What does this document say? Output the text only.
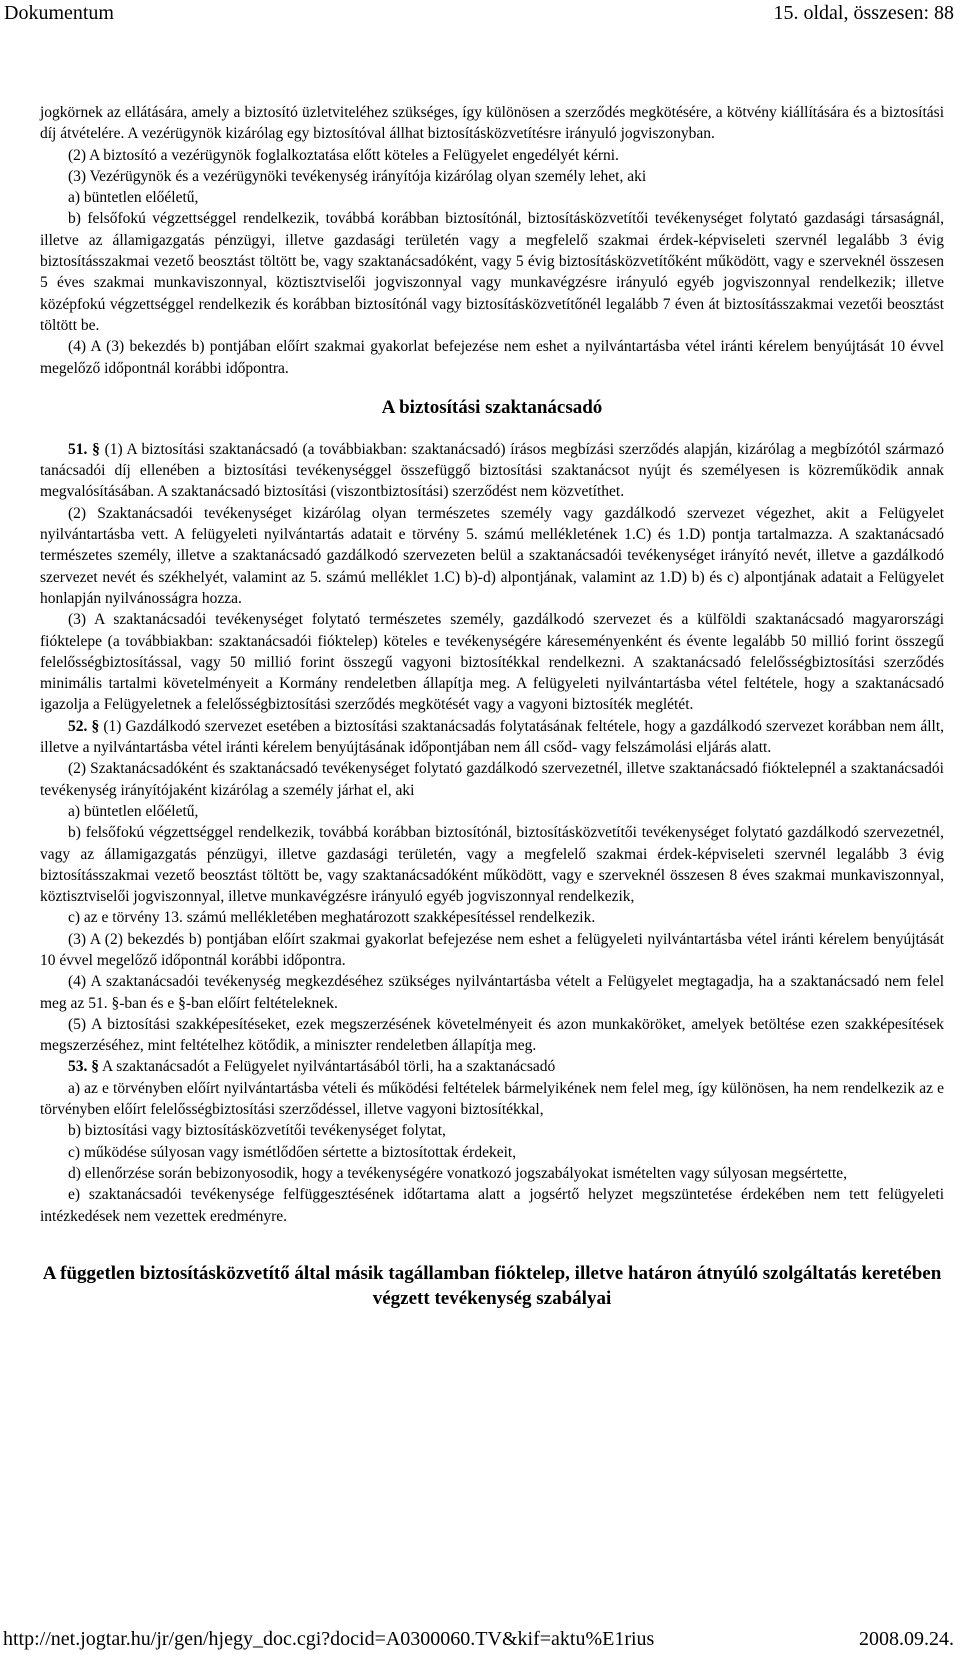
Dokumentum	15. oldal, összesen: 88

jogkörnek az ellátására, amely a biztosító üzletviteléhez szükséges, így különösen a szerződés megkötésére, a kötvény kiállítására és a biztosítási díj átvételére. A vezérügynök kizárólag egy biztosítóval állhat biztosításközvetítésre irányuló jogviszonyban.

(2) A biztosító a vezérügynök foglalkoztatása előtt köteles a Felügyelet engedélyét kérni.

(3) Vezérügynök és a vezérügynöki tevékenység irányítója kizárólag olyan személy lehet, aki

a) büntetlen előéletű,

b) felsőfokú végzettséggel rendelkezik, továbbá korábban biztosítónál, biztosításközvetítői tevékenységet folytató gazdasági társaságnál, illetve az államigazgatás pénzügyi, illetve gazdasági területén vagy a megfelelő szakmai érdek-képviseleti szervnél legalább 3 évig biztosításszakmai vezető beosztást töltött be, vagy szaktanácsadóként, vagy 5 évig biztosításközvetítőként működött, vagy e szerveknél összesen 5 éves szakmai munkaviszonnyal, köztisztviselői jogviszonnyal vagy munkavégzésre irányuló egyéb jogviszonnyal rendelkezik; illetve középfokú végzettséggel rendelkezik és korábban biztosítónál vagy biztosításközvetítőnél legalább 7 éven át biztosításszakmai vezetői beosztást töltött be.

(4) A (3) bekezdés b) pontjában előírt szakmai gyakorlat befejezése nem eshet a nyilvántartásba vétel iránti kérelem benyújtását 10 évvel megelőző időpontnál korábbi időpontra.

A biztosítási szaktanácsadó

51. § (1) A biztosítási szaktanácsadó (a továbbiakban: szaktanácsadó) írásos megbízási szerződés alapján, kizárólag a megbízótól származó tanácsadói díj ellenében a biztosítási tevékenységgel összefüggő biztosítási szaktanácsot nyújt és személyesen is közreműködik annak megvalósításában. A szaktanácsadó biztosítási (viszontbiztosítási) szerződést nem közvetíthet.

(2) Szaktanácsadói tevékenységet kizárólag olyan természetes személy vagy gazdálkodó szervezet végezhet, akit a Felügyelet nyilvántartásba vett. A felügyeleti nyilvántartás adatait e törvény 5. számú mellékletének 1.C) és 1.D) pontja tartalmazza. A szaktanácsadó természetes személy, illetve a szaktanácsadó gazdálkodó szervezeten belül a szaktanácsadói tevékenységet irányító nevét, illetve a gazdálkodó szervezet nevét és székhelyét, valamint az 5. számú melléklet 1.C) b)-d) alpontjának, valamint az 1.D) b) és c) alpontjának adatait a Felügyelet honlapján nyilvánosságra hozza.

(3) A szaktanácsadói tevékenységet folytató természetes személy, gazdálkodó szervezet és a külföldi szaktanácsadó magyarországi fióktelepe (a továbbiakban: szaktanácsadói fióktelep) köteles e tevékenységére káreseményenként és évente legalább 50 millió forint összegű felelősségbiztosítással, vagy 50 millió forint összegű vagyoni biztosítékkal rendelkezni. A szaktanácsadó felelősségbiztosítási szerződés minimális tartalmi követelményeit a Kormány rendeletben állapítja meg. A felügyeleti nyilvántartásba vétel feltétele, hogy a szaktanácsadó igazolja a Felügyeletnek a felelősségbiztosítási szerződés megkötését vagy a vagyoni biztosíték meglétét.

52. § (1) Gazdálkodó szervezet esetében a biztosítási szaktanácsadás folytatásának feltétele, hogy a gazdálkodó szervezet korábban nem állt, illetve a nyilvántartásba vétel iránti kérelem benyújtásának időpontjában nem áll csőd- vagy felszámolási eljárás alatt.

(2) Szaktanácsadóként és szaktanácsadó tevékenységet folytató gazdálkodó szervezetnél, illetve szaktanácsadó fióktelepnél a szaktanácsadói tevékenység irányítójaként kizárólag a személy járhat el, aki

a) büntetlen előéletű,

b) felsőfokú végzettséggel rendelkezik, továbbá korábban biztosítónál, biztosításközvetítői tevékenységet folytató gazdálkodó szervezetnél, vagy az államigazgatás pénzügyi, illetve gazdasági területén, vagy a megfelelő szakmai érdek-képviseleti szervnél legalább 3 évig biztosításszakmai vezető beosztást töltött be, vagy szaktanácsadóként működött, vagy e szerveknél összesen 8 éves szakmai munkaviszonnyal, köztisztviselői jogviszonnyal, illetve munkavégzésre irányuló egyéb jogviszonnyal rendelkezik,

c) az e törvény 13. számú mellékletében meghatározott szakképesítéssel rendelkezik.

(3) A (2) bekezdés b) pontjában előírt szakmai gyakorlat befejezése nem eshet a felügyeleti nyilvántartásba vétel iránti kérelem benyújtását 10 évvel megelőző időpontnál korábbi időpontra.

(4) A szaktanácsadói tevékenység megkezdéséhez szükséges nyilvántartásba vételt a Felügyelet megtagadja, ha a szaktanácsadó nem felel meg az 51. §-ban és e §-ban előírt feltételeknek.

(5) A biztosítási szakképesítéseket, ezek megszerzésének követelményeit és azon munkaköröket, amelyek betöltése ezen szakképesítések megszerzéséhez, mint feltételhez kötődik, a miniszter rendeletben állapítja meg.

53. § A szaktanácsadót a Felügyelet nyilvántartásából törli, ha a szaktanácsadó

a) az e törvényben előírt nyilvántartásba vételi és működési feltételek bármelyikének nem felel meg, így különösen, ha nem rendelkezik az e törvényben előírt felelősségbiztosítási szerződéssel, illetve vagyoni biztosítékkal,

b) biztosítási vagy biztosításközvetítői tevékenységet folytat,

c) működése súlyosan vagy ismétlődően sértette a biztosítottak érdekeit,

d) ellenőrzése során bebizonyosodik, hogy a tevékenységére vonatkozó jogszabályokat ismételten vagy súlyosan megsértette,

e) szaktanácsadói tevékenysége felfüggesztésének időtartama alatt a jogsértő helyzet megszüntetése érdekében nem tett felügyeleti intézkedések nem vezettek eredményre.

A független biztosításközvetítő által másik tagállamban fióktelep, illetve határon átnyúló szolgáltatás keretében végzett tevékenység szabályai
http://net.jogtar.hu/jr/gen/hjegy_doc.cgi?docid=A0300060.TV&kif=aktu%E1rius	2008.09.24.
